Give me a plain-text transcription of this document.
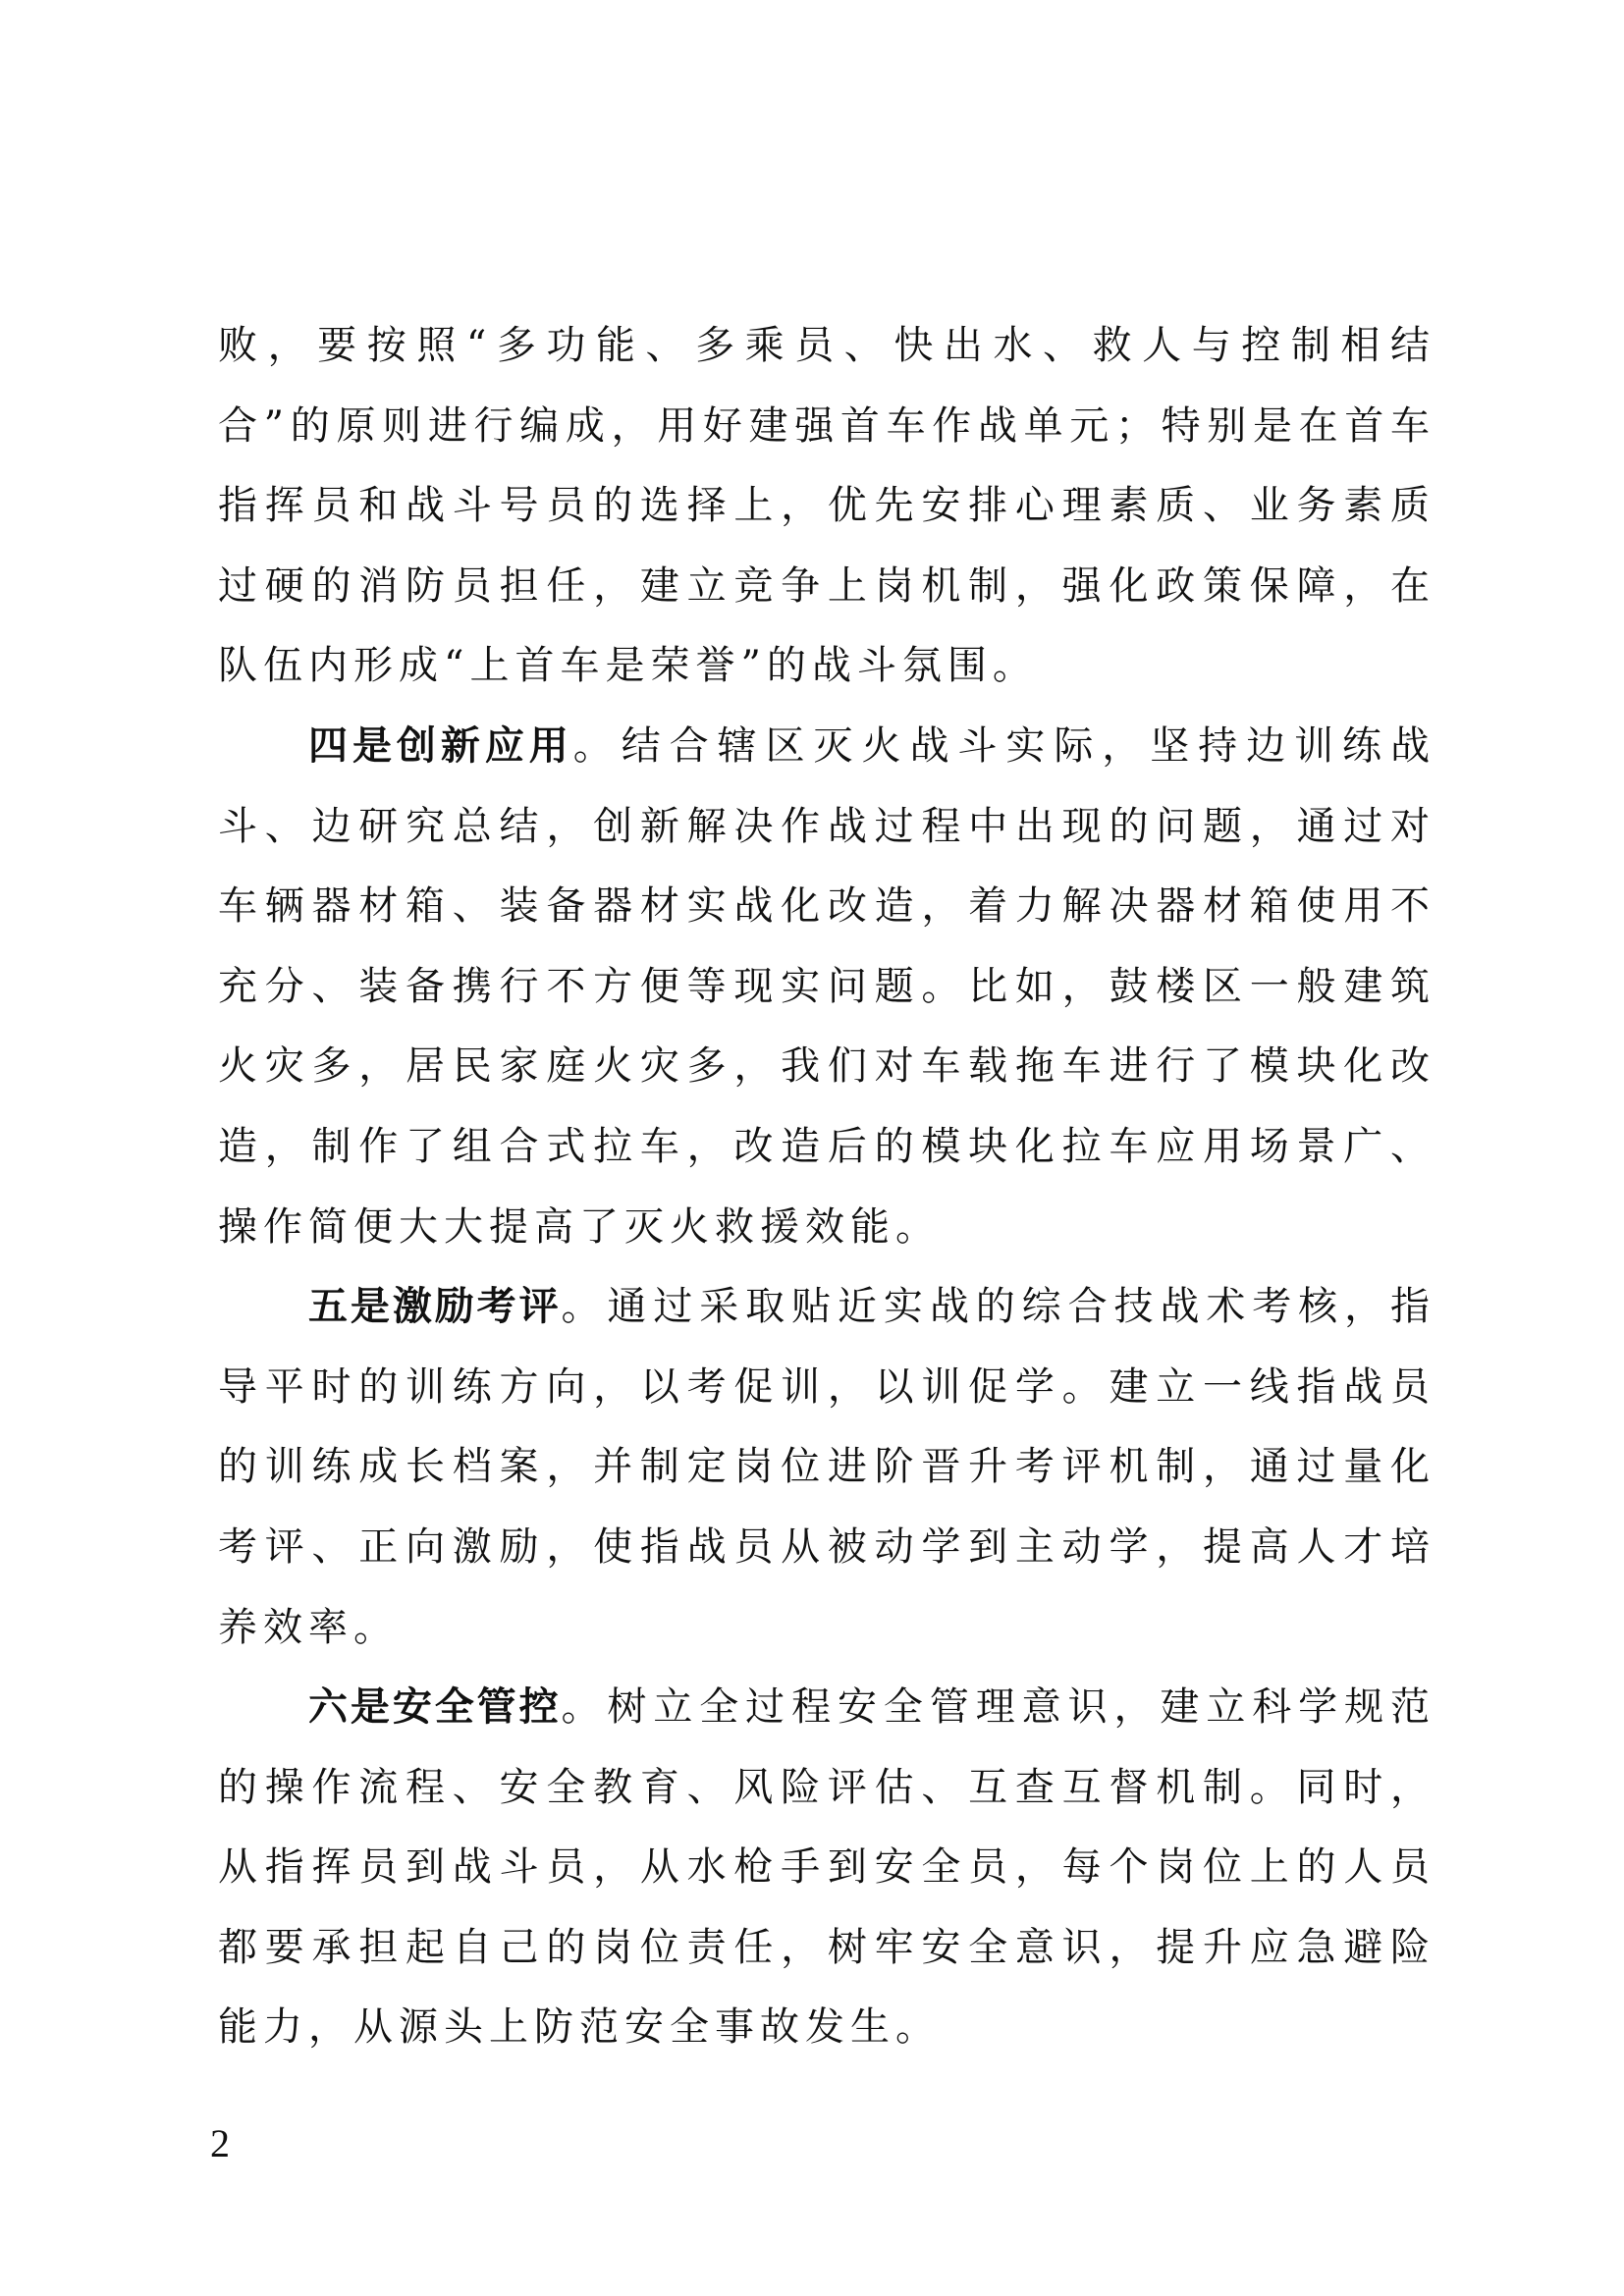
败，要按照“多功能、多乘员、快出水、救人与控制相结合”的原则进行编成，用好建强首车作战单元；特别是在首车指挥员和战斗号员的选择上，优先安排心理素质、业务素质过硬的消防员担任，建立竞争上岗机制，强化政策保障，在队伍内形成“上首车是荣誉”的战斗氛围。

四是创新应用。结合辖区灭火战斗实际，坚持边训练战斗、边研究总结，创新解决作战过程中出现的问题，通过对车辆器材箱、装备器材实战化改造，着力解决器材箱使用不充分、装备携行不方便等现实问题。比如，鼓楼区一般建筑火灾多，居民家庭火灾多，我们对车载拖车进行了模块化改造，制作了组合式拉车，改造后的模块化拉车应用场景广、操作简便大大提高了灭火救援效能。

五是激励考评。通过采取贴近实战的综合技战术考核，指导平时的训练方向，以考促训，以训促学。建立一线指战员的训练成长档案，并制定岗位进阶晋升考评机制，通过量化考评、正向激励，使指战员从被动学到主动学，提高人才培养效率。

六是安全管控。树立全过程安全管理意识，建立科学规范的操作流程、安全教育、风险评估、互查互督机制。同时，从指挥员到战斗员，从水枪手到安全员，每个岗位上的人员都要承担起自己的岗位责任，树牢安全意识，提升应急避险能力，从源头上防范安全事故发生。

2
